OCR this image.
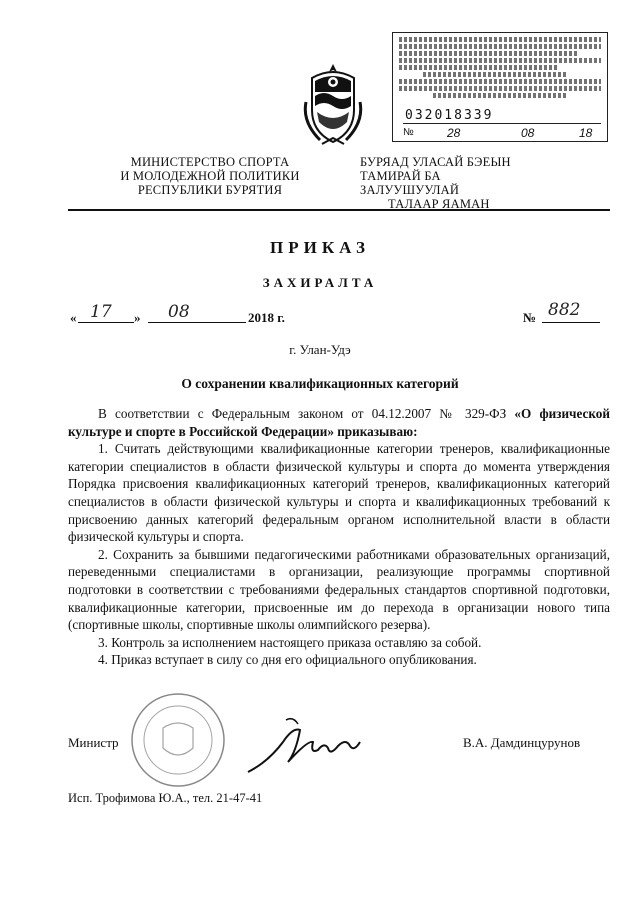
032018339
№	28	08	18
МИНИСТЕРСТВО СПОРТА
И МОЛОДЕЖНОЙ ПОЛИТИКИ
РЕСПУБЛИКИ БУРЯТИЯ
БУРЯАД УЛАСАЙ БЭЕЫН
ТАМИРАЙ БА ЗАЛУУШУУЛАЙ
ТАЛААР ЯАМАН
ПРИКАЗ
ЗАХИРАЛТА
« 17 » 08	2018 г.	№ 882
г. Улан-Удэ
О сохранении квалификационных категорий

В соответствии с Федеральным законом от 04.12.2007 № 329-ФЗ «О физической культуре и спорте в Российской Федерации» приказываю:

1. Считать действующими квалификационные категории тренеров, квалификационные категории специалистов в области физической культуры и спорта до момента утверждения Порядка присвоения квалификационных категорий тренеров, квалификационных категорий специалистов в области физической культуры и спорта и квалификационных требований к присвоению данных категорий федеральным органом исполнительной власти в области физической культуры и спорта.

2. Сохранить за бывшими педагогическими работниками образовательных организаций, переведенными специалистами в организации, реализующие программы спортивной подготовки в соответствии с требованиями федеральных стандартов спортивной подготовки, квалификационные категории, присвоенные им до перехода в организации нового типа (спортивные школы, спортивные школы олимпийского резерва).

3. Контроль за исполнением настоящего приказа оставляю за собой.

4. Приказ вступает в силу со дня его официального опубликования.

Министр	В.А. Дамдинцурунов
Исп. Трофимова Ю.А., тел. 21-47-41
